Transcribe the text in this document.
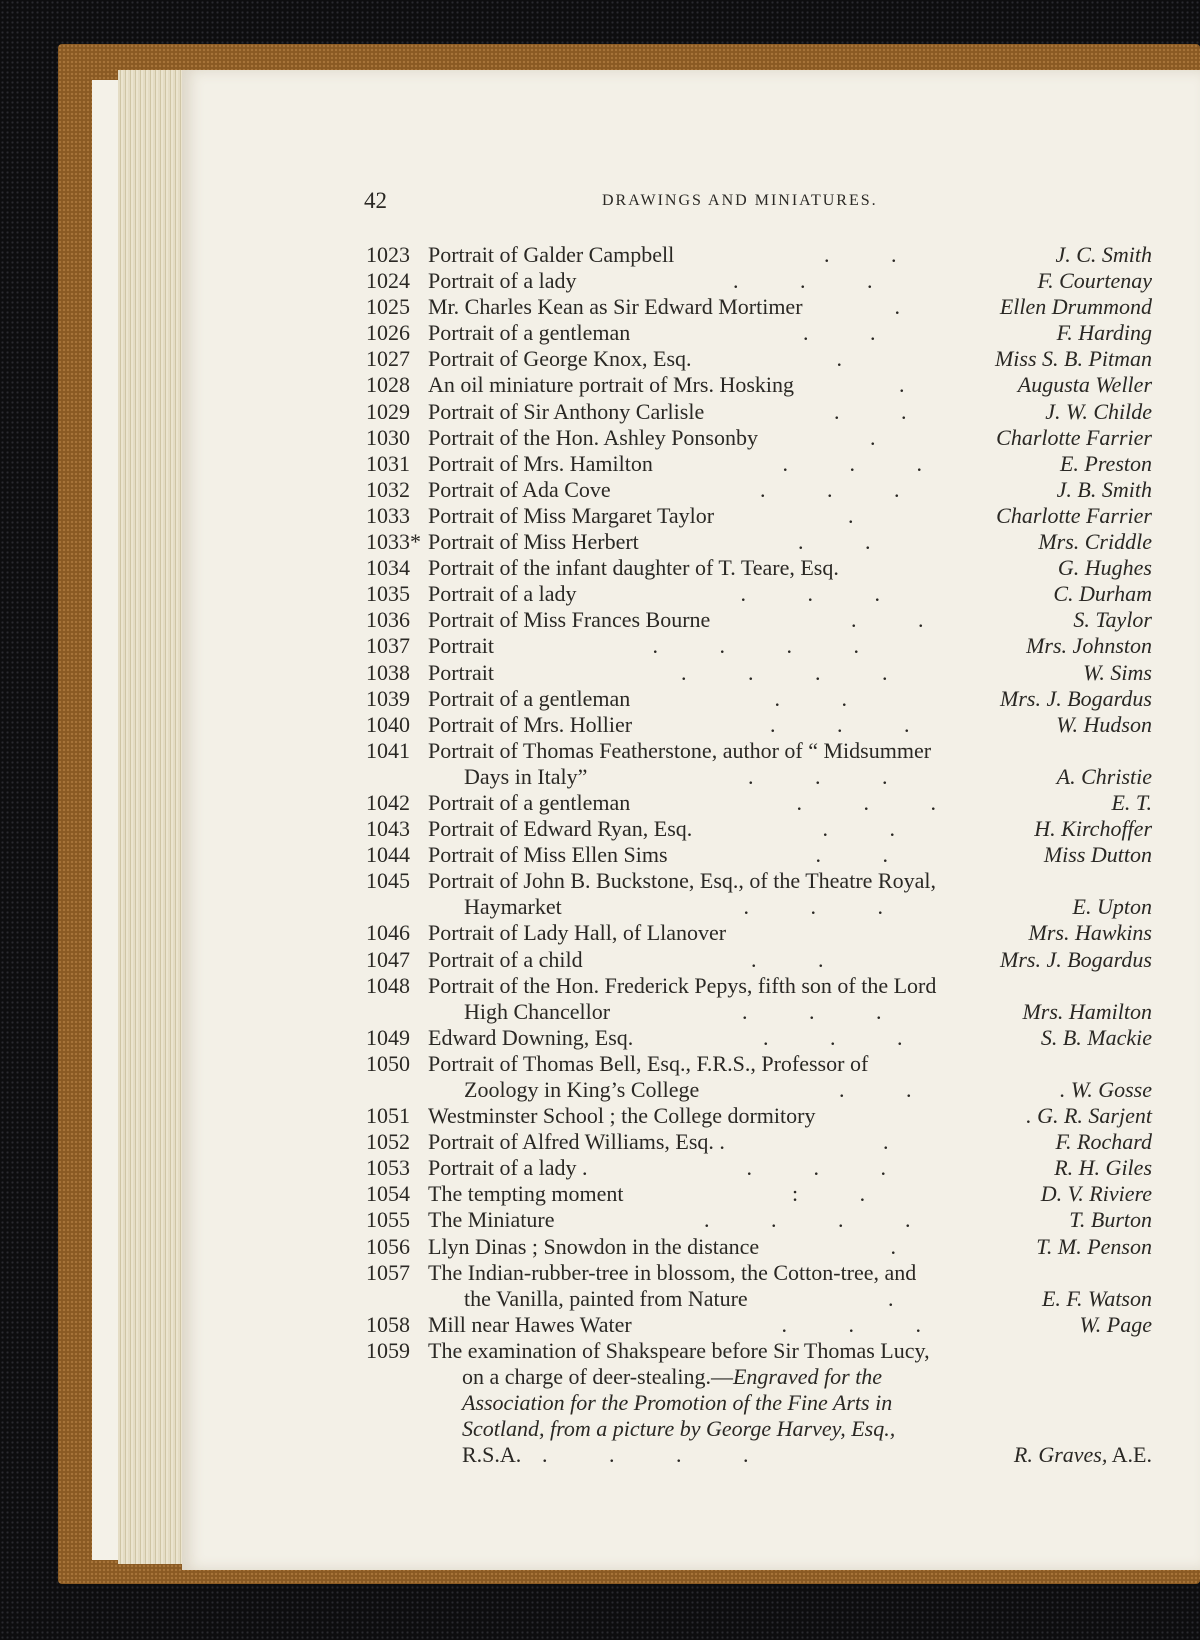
42	DRAWINGS AND MINIATURES.
1023 Portrait of Galder Campbell	. .	J. C. Smith
1024 Portrait of a lady	. . .	F. Courtenay
1025 Mr. Charles Kean as Sir Edward Mortimer	.	Ellen Drummond
1026 Portrait of a gentleman	. .	F. Harding
1027 Portrait of George Knox, Esq.	.	Miss S. B. Pitman
1028 An oil miniature portrait of Mrs. Hosking	.	Augusta Weller
1029 Portrait of Sir Anthony Carlisle	. .	J. W. Childe
1030 Portrait of the Hon. Ashley Ponsonby	.	Charlotte Farrier
1031 Portrait of Mrs. Hamilton	. . .	E. Preston
1032 Portrait of Ada Cove	. . .	J. B. Smith
1033 Portrait of Miss Margaret Taylor	.	Charlotte Farrier
1033* Portrait of Miss Herbert	. .	Mrs. Criddle
1034 Portrait of the infant daughter of T. Teare, Esq.	G. Hughes
1035 Portrait of a lady	. . .	C. Durham
1036 Portrait of Miss Frances Bourne	. .	S. Taylor
1037 Portrait	. . . .	Mrs. Johnston
1038 Portrait	. . . .	W. Sims
1039 Portrait of a gentleman	. .	Mrs. J. Bogardus
1040 Portrait of Mrs. Hollier	. . .	W. Hudson
1041 Portrait of Thomas Featherstone, author of “ Midsummer
Days in Italy”	. . .	A. Christie
1042 Portrait of a gentleman	. . .	E. T.
1043 Portrait of Edward Ryan, Esq.	. .	H. Kirchoffer
1044 Portrait of Miss Ellen Sims	. .	Miss Dutton
1045 Portrait of John B. Buckstone, Esq., of the Theatre Royal,
Haymarket	. . .	E. Upton
1046 Portrait of Lady Hall, of Llanover	Mrs. Hawkins
1047 Portrait of a child	. .	Mrs. J. Bogardus
1048 Portrait of the Hon. Frederick Pepys, fifth son of the Lord
High Chancellor	. . .	Mrs. Hamilton
1049 Edward Downing, Esq.	. . .	S. B. Mackie
1050 Portrait of Thomas Bell, Esq., F.R.S., Professor of
Zoology in King’s College	. .	. W. Gosse
1051 Westminster School ; the College dormitory	. G. R. Sarjent
1052 Portrait of Alfred Williams, Esq. .	.	F. Rochard
1053 Portrait of a lady .	. . .	R. H. Giles
1054 The tempting moment	: .	D. V. Riviere
1055 The Miniature	. . . .	T. Burton
1056 Llyn Dinas ; Snowdon in the distance	.	T. M. Penson
1057 The Indian-rubber-tree in blossom, the Cotton-tree, and
the Vanilla, painted from Nature	.	E. F. Watson
1058 Mill near Hawes Water	. . .	W. Page
1059 The examination of Shakspeare before Sir Thomas Lucy,
on a charge of deer-stealing.—Engraved for the
Association for the Promotion of the Fine Arts in
Scotland, from a picture by George Harvey, Esq.,
R.S.A. . . . .	R. Graves, A.E.
